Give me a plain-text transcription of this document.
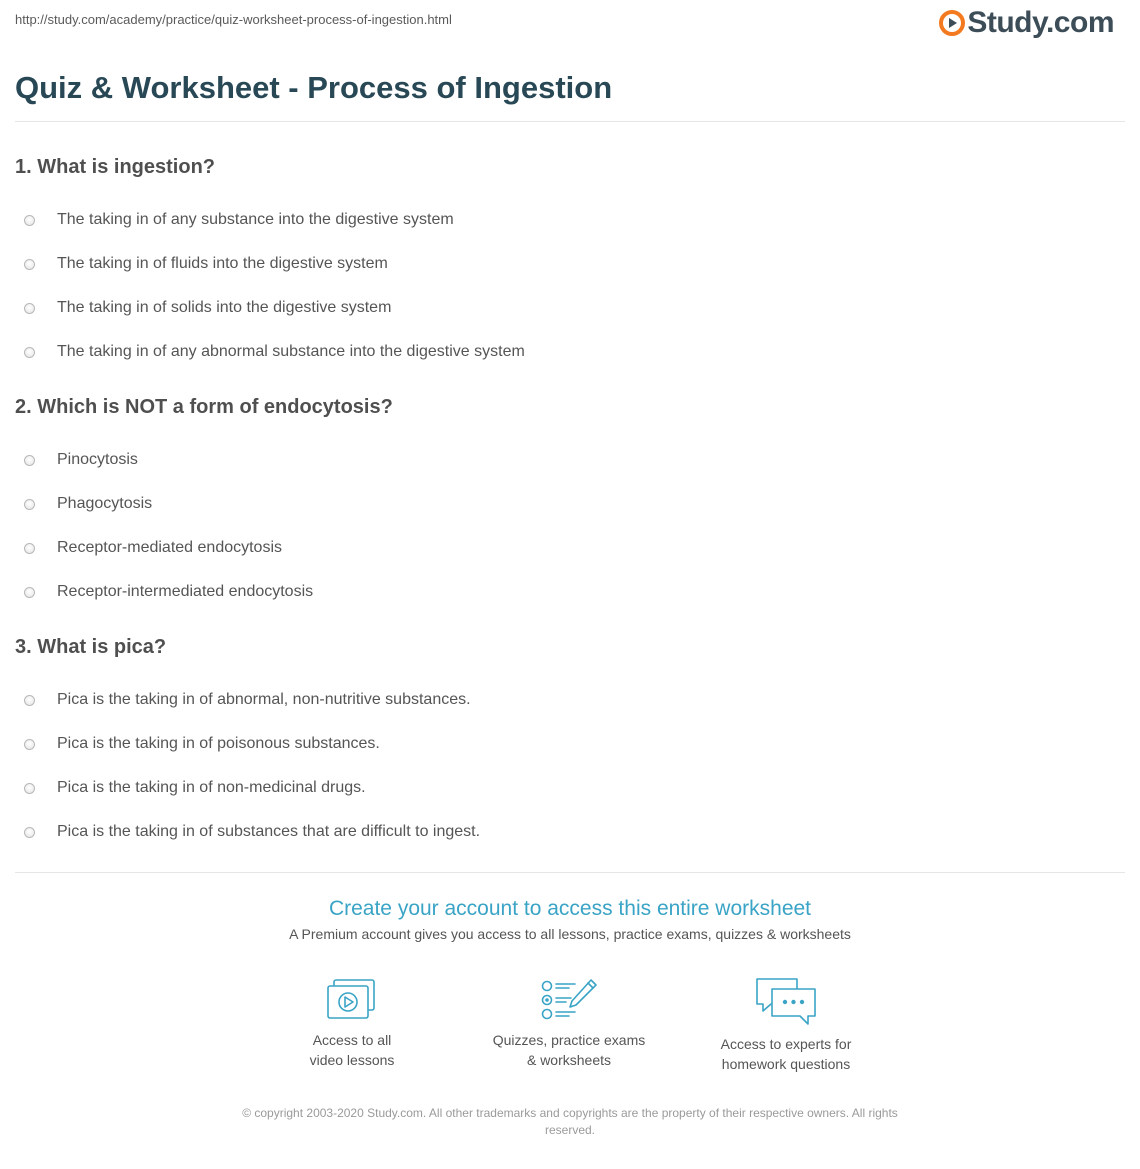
http://study.com/academy/practice/quiz-worksheet-process-of-ingestion.html	Study.com
Quiz & Worksheet - Process of Ingestion
1. What is ingestion?
The taking in of any substance into the digestive system
The taking in of fluids into the digestive system
The taking in of solids into the digestive system
The taking in of any abnormal substance into the digestive system
2. Which is NOT a form of endocytosis?
Pinocytosis
Phagocytosis
Receptor-mediated endocytosis
Receptor-intermediated endocytosis
3. What is pica?
Pica is the taking in of abnormal, non-nutritive substances.
Pica is the taking in of poisonous substances.
Pica is the taking in of non-medicinal drugs.
Pica is the taking in of substances that are difficult to ingest.

Create your account to access this entire worksheet

A Premium account gives you access to all lessons, practice exams, quizzes & worksheets
Access to all
video lessons
Quizzes, practice exams
& worksheets
Access to experts for
homework questions
© copyright 2003-2020 Study.com. All other trademarks and copyrights are the property of their respective owners. All rights
reserved.
